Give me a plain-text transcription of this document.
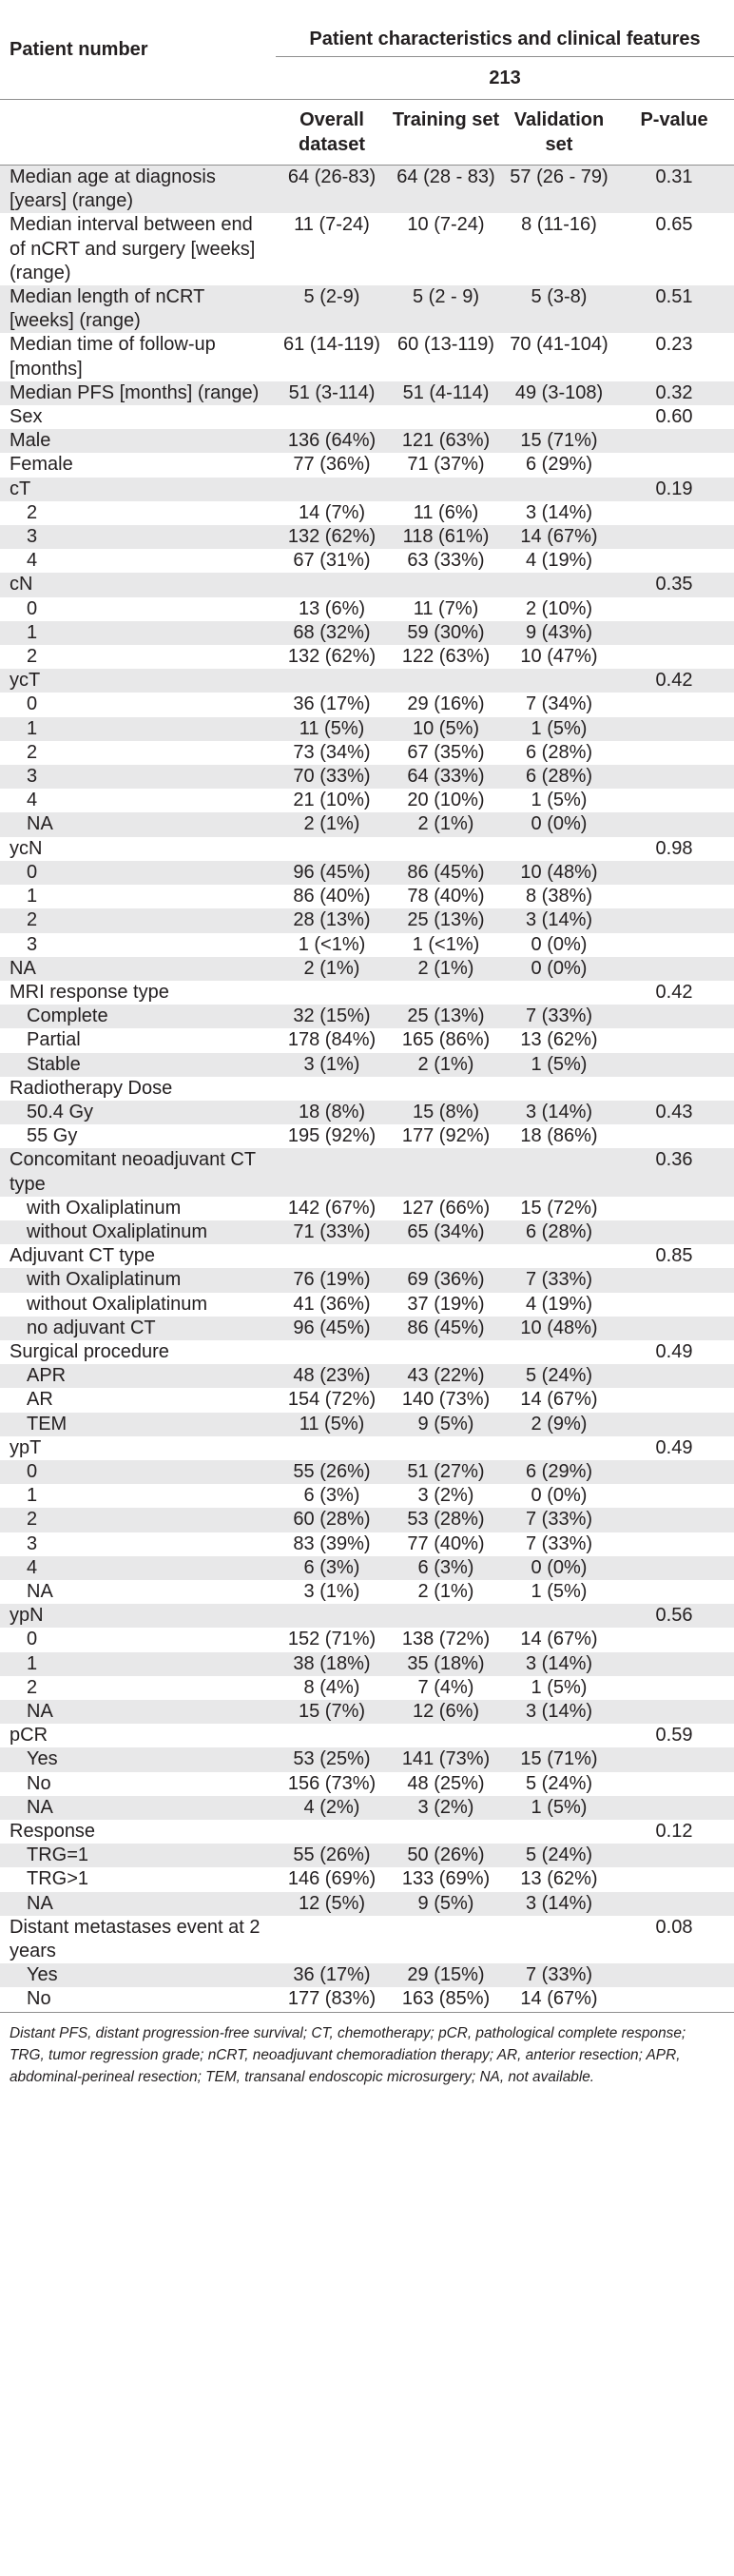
Patient number	Patient characteristics and clinical features			
	213			
	Overall dataset	Training set	Validation set	P-value
Median age at diagnosis [years] (range)	64 (26-83)	64 (28 - 83)	57 (26 - 79)	0.31
Median interval between end of nCRT and surgery [weeks] (range)	11 (7-24)	10 (7-24)	8 (11-16)	0.65
Median length of nCRT [weeks] (range)	5 (2-9)	5 (2 - 9)	5 (3-8)	0.51
Median time of follow-up [months]	61 (14-119)	60 (13-119)	70 (41-104)	0.23
Median PFS [months] (range)	51 (3-114)	51 (4-114)	49 (3-108)	0.32
Sex				0.60
Male	136 (64%)	121 (63%)	15 (71%)	
Female	77 (36%)	71 (37%)	6 (29%)	
cT				0.19
2	14 (7%)	11 (6%)	3 (14%)	
3	132 (62%)	118 (61%)	14 (67%)	
4	67 (31%)	63 (33%)	4 (19%)	
cN				0.35
0	13 (6%)	11 (7%)	2 (10%)	
1	68 (32%)	59 (30%)	9 (43%)	
2	132 (62%)	122 (63%)	10 (47%)	
ycT				0.42
0	36 (17%)	29 (16%)	7 (34%)	
1	11 (5%)	10 (5%)	1 (5%)	
2	73 (34%)	67 (35%)	6 (28%)	
3	70 (33%)	64 (33%)	6 (28%)	
4	21 (10%)	20 (10%)	1 (5%)	
NA	2 (1%)	2 (1%)	0 (0%)	
ycN				0.98
0	96 (45%)	86 (45%)	10 (48%)	
1	86 (40%)	78 (40%)	8 (38%)	
2	28 (13%)	25 (13%)	3 (14%)	
3	1 (<1%)	1 (<1%)	0 (0%)	
NA	2 (1%)	2 (1%)	0 (0%)	
MRI response type				0.42
Complete	32 (15%)	25 (13%)	7 (33%)	
Partial	178 (84%)	165 (86%)	13 (62%)	
Stable	3 (1%)	2 (1%)	1 (5%)	
Radiotherapy Dose				
50.4 Gy	18 (8%)	15 (8%)	3 (14%)	0.43
55 Gy	195 (92%)	177 (92%)	18 (86%)	
Concomitant neoadjuvant CT type				0.36
with Oxaliplatinum	142 (67%)	127 (66%)	15 (72%)	
without Oxaliplatinum	71 (33%)	65 (34%)	6 (28%)	
Adjuvant CT type				0.85
with Oxaliplatinum	76 (19%)	69 (36%)	7 (33%)	
without Oxaliplatinum	41 (36%)	37 (19%)	4 (19%)	
no adjuvant CT	96 (45%)	86 (45%)	10 (48%)	
Surgical procedure				0.49
APR	48 (23%)	43 (22%)	5 (24%)	
AR	154 (72%)	140 (73%)	14 (67%)	
TEM	11 (5%)	9 (5%)	2 (9%)	
ypT				0.49
0	55 (26%)	51 (27%)	6 (29%)	
1	6 (3%)	3 (2%)	0 (0%)	
2	60 (28%)	53 (28%)	7 (33%)	
3	83 (39%)	77 (40%)	7 (33%)	
4	6 (3%)	6 (3%)	0 (0%)	
NA	3 (1%)	2 (1%)	1 (5%)	
ypN				0.56
0	152 (71%)	138 (72%)	14 (67%)	
1	38 (18%)	35 (18%)	3 (14%)	
2	8 (4%)	7 (4%)	1 (5%)	
NA	15 (7%)	12 (6%)	3 (14%)	
pCR				0.59
Yes	53 (25%)	141 (73%)	15 (71%)	
No	156 (73%)	48 (25%)	5 (24%)	
NA	4 (2%)	3 (2%)	1 (5%)	
Response				0.12
TRG=1	55 (26%)	50 (26%)	5 (24%)	
TRG>1	146 (69%)	133 (69%)	13 (62%)	
NA	12 (5%)	9 (5%)	3 (14%)	
Distant metastases event at 2 years				0.08
Yes	36 (17%)	29 (15%)	7 (33%)	
No	177 (83%)	163 (85%)	14 (67%)	
Distant PFS, distant progression-free survival; CT, chemotherapy; pCR, pathological complete response; TRG, tumor regression grade; nCRT, neoadjuvant chemoradiation therapy; AR, anterior resection; APR, abdominal-perineal resection; TEM, transanal endoscopic microsurgery; NA, not available.
